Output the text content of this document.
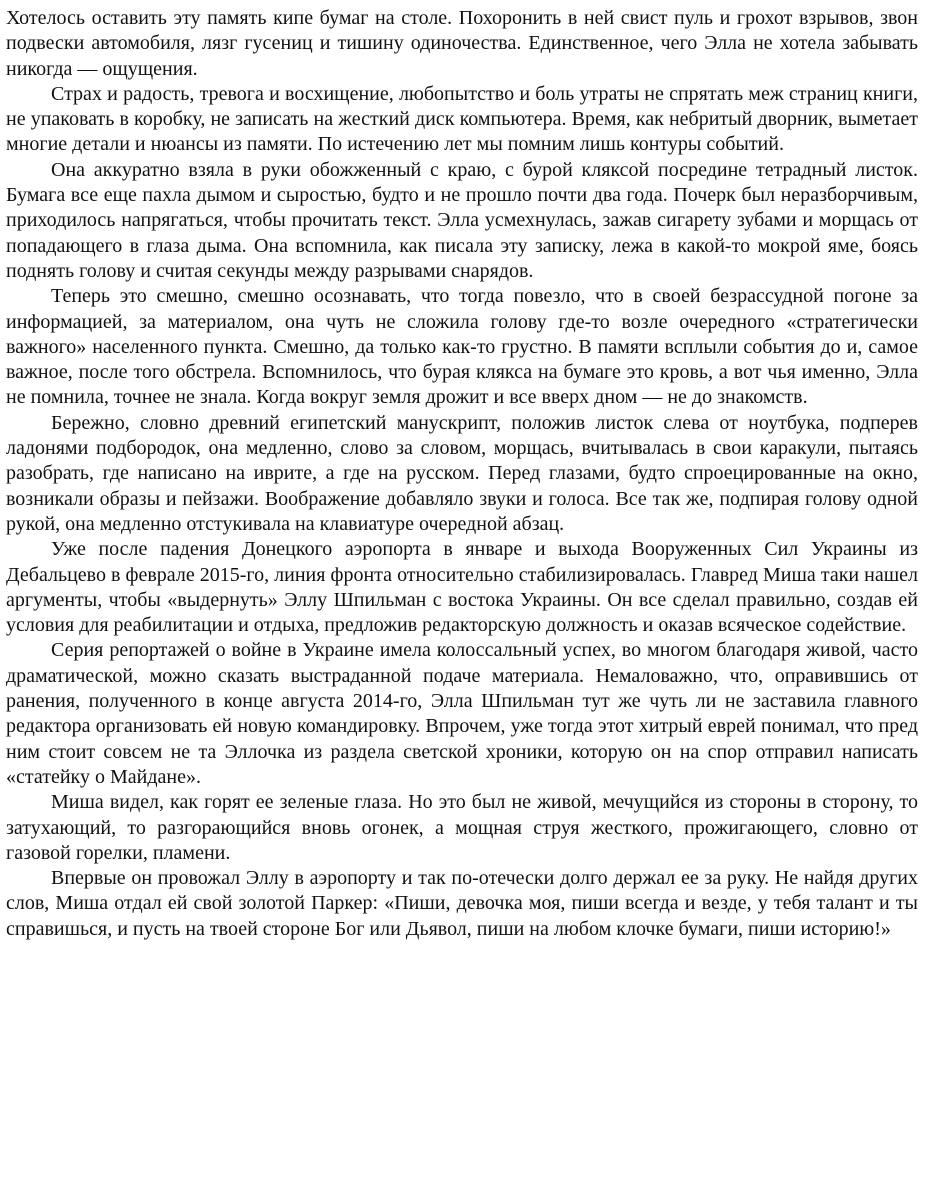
Хотелось оставить эту память кипе бумаг на столе. Похоронить в ней свист пуль и грохот взрывов, звон подвески автомобиля, лязг гусениц и тишину одиночества. Единственное, чего Элла не хотела забывать никогда — ощущения.

Страх и радость, тревога и восхищение, любопытство и боль утраты не спрятать меж страниц книги, не упаковать в коробку, не записать на жесткий диск компьютера. Время, как небритый дворник, выметает многие детали и нюансы из памяти. По истечению лет мы помним лишь контуры событий.

Она аккуратно взяла в руки обожженный с краю, с бурой кляксой посредине тетрадный листок. Бумага все еще пахла дымом и сыростью, будто и не прошло почти два года. Почерк был неразборчивым, приходилось напрягаться, чтобы прочитать текст. Элла усмехнулась, зажав сигарету зубами и морщась от попадающего в глаза дыма. Она вспомнила, как писала эту записку, лежа в какой-то мокрой яме, боясь поднять голову и считая секунды между разрывами снарядов.

Теперь это смешно, смешно осознавать, что тогда повезло, что в своей безрассудной погоне за информацией, за материалом, она чуть не сложила голову где-то возле очередного «стратегически важного» населенного пункта. Смешно, да только как-то грустно. В памяти всплыли события до и, самое важное, после того обстрела. Вспомнилось, что бурая клякса на бумаге это кровь, а вот чья именно, Элла не помнила, точнее не знала. Когда вокруг земля дрожит и все вверх дном — не до знакомств.

Бережно, словно древний египетский манускрипт, положив листок слева от ноутбука, подперев ладонями подбородок, она медленно, слово за словом, морщась, вчитывалась в свои каракули, пытаясь разобрать, где написано на иврите, а где на русском. Перед глазами, будто спроецированные на окно, возникали образы и пейзажи. Воображение добавляло звуки и голоса. Все так же, подпирая голову одной рукой, она медленно отстукивала на клавиатуре очередной абзац.

Уже после падения Донецкого аэропорта в январе и выхода Вооруженных Сил Украины из Дебальцево в феврале 2015-го, линия фронта относительно стабилизировалась. Главред Миша таки нашел аргументы, чтобы «выдернуть» Эллу Шпильман с востока Украины. Он все сделал правильно, создав ей условия для реабилитации и отдыха, предложив редакторскую должность и оказав всяческое содействие.

Серия репортажей о войне в Украине имела колоссальный успех, во многом благодаря живой, часто драматической, можно сказать выстраданной подаче материала. Немаловажно, что, оправившись от ранения, полученного в конце августа 2014-го, Элла Шпильман тут же чуть ли не заставила главного редактора организовать ей новую командировку. Впрочем, уже тогда этот хитрый еврей понимал, что пред ним стоит совсем не та Эллочка из раздела светской хроники, которую он на спор отправил написать «статейку о Майдане».

Миша видел, как горят ее зеленые глаза. Но это был не живой, мечущийся из стороны в сторону, то затухающий, то разгорающийся вновь огонек, а мощная струя жесткого, прожигающего, словно от газовой горелки, пламени.

Впервые он провожал Эллу в аэропорту и так по-отечески долго держал ее за руку. Не найдя других слов, Миша отдал ей свой золотой Паркер: «Пиши, девочка моя, пиши всегда и везде, у тебя талант и ты справишься, и пусть на твоей стороне Бог или Дьявол, пиши на любом клочке бумаги, пиши историю!»
